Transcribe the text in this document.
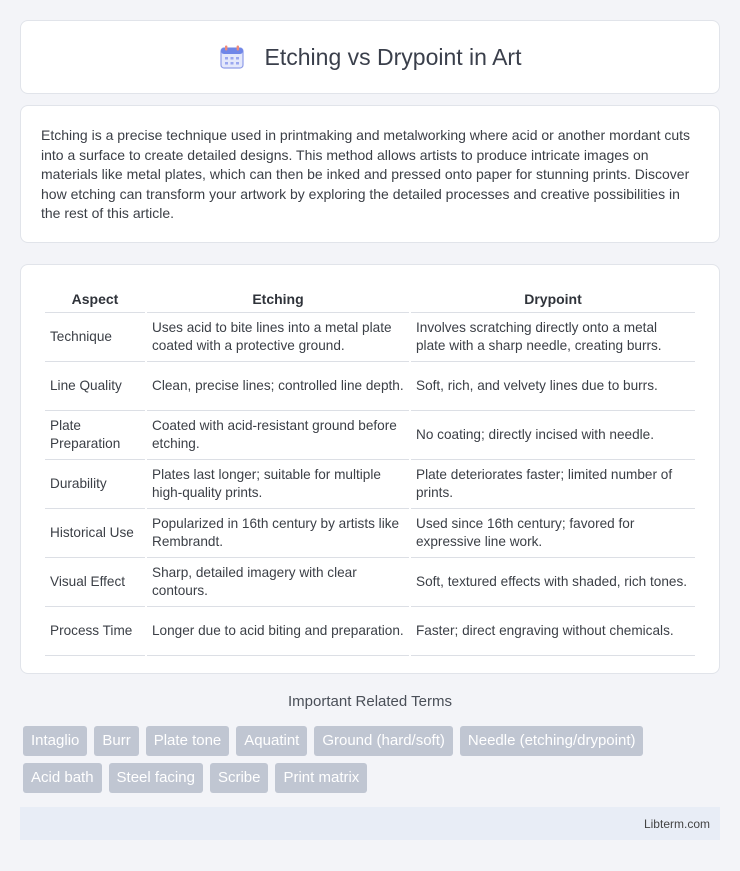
Etching vs Drypoint in Art

Etching is a precise technique used in printmaking and metalworking where acid or another mordant cuts into a surface to create detailed designs. This method allows artists to produce intricate images on materials like metal plates, which can then be inked and pressed onto paper for stunning prints. Discover how etching can transform your artwork by exploring the detailed processes and creative possibilities in the rest of this article.

Aspect	Etching	Drypoint
Technique	Uses acid to bite lines into a metal plate coated with a protective ground.	Involves scratching directly onto a metal plate with a sharp needle, creating burrs.
Line Quality	Clean, precise lines; controlled line depth.	Soft, rich, and velvety lines due to burrs.
Plate Preparation	Coated with acid-resistant ground before etching.	No coating; directly incised with needle.
Durability	Plates last longer; suitable for multiple high-quality prints.	Plate deteriorates faster; limited number of prints.
Historical Use	Popularized in 16th century by artists like Rembrandt.	Used since 16th century; favored for expressive line work.
Visual Effect	Sharp, detailed imagery with clear contours.	Soft, textured effects with shaded, rich tones.
Process Time	Longer due to acid biting and preparation.	Faster; direct engraving without chemicals.
Important Related Terms
Intaglio	Burr	Plate tone	Aquatint	Ground (hard/soft)	Needle (etching/drypoint)
Acid bath	Steel facing	Scribe	Print matrix
Libterm.com
